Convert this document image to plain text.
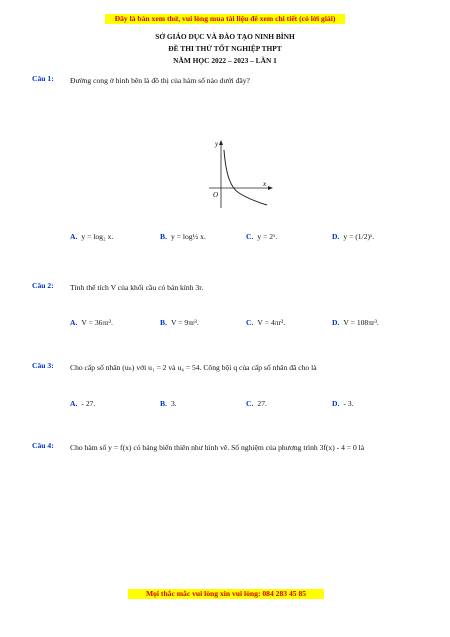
Đây là bản xem thử, vui lòng mua tài liệu để xem chi tiết (có lời giải)
SỞ GIÁO DỤC VÀ ĐÀO TẠO NINH BÌNH
ĐỀ THI THỬ TỐT NGHIỆP THPT
NĂM HỌC 2022 – 2023 – LẦN 1
Câu 1: Đường cong ở hình bên là đồ thị của hàm số nào dưới đây?
y
x
O
A. y = log₂ x.	B. y = log½ x.	C. y = 2ˣ.	D. y = (1/2)ˣ.
Câu 2: Tính thể tích V của khối cầu có bán kính 3r.
A. V = 36πr³.	B. V = 9πr³.	C. V = 4πr³.	D. V = 108πr³.
Câu 3: Cho cấp số nhân (uₙ) với u₁ = 2 và u₄ = 54. Công bội q của cấp số nhân đã cho là
A. - 27.	B. 3.	C. 27.	D. - 3.
Câu 4: Cho hàm số y = f(x) có bảng biến thiên như hình vẽ. Số nghiệm của phương trình 3f(x) - 4 = 0 là
Mọi thắc mắc vui lòng xin vui lòng: 084 283 45 85
